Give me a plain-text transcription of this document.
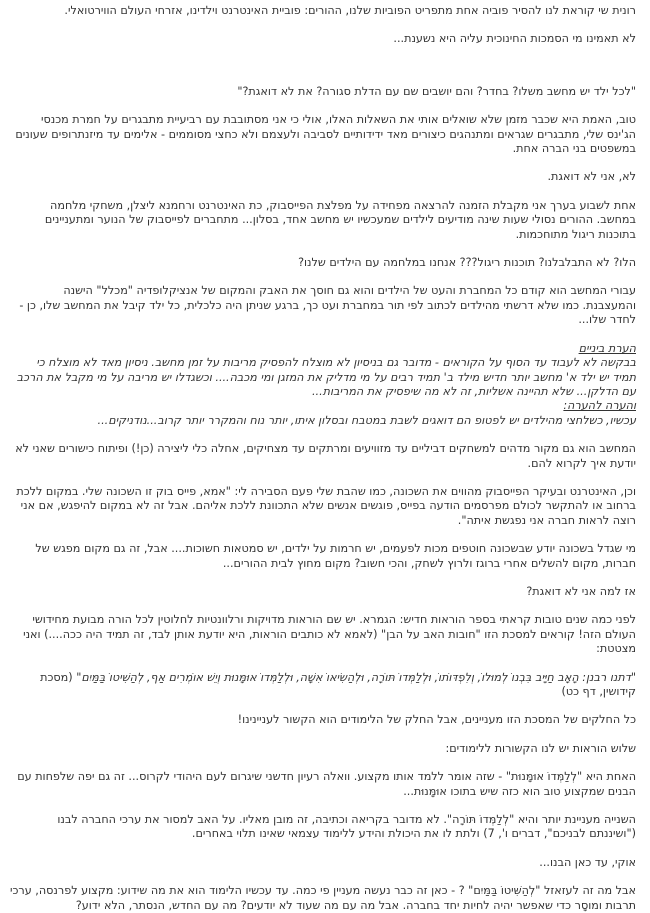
רונית שי קוראת לנו להסיר פוביה אחת מתפריט הפוביות שלנו, ההורים: פוביית האינטרנט וילדינו, אזרחי העולם הווירטואלי.

לא תאמינו מי הסמכות החינוכית עליה היא נשענת...

"לכל ילד יש מחשב משלו? בחדר? והם יושבים שם עם הדלת סגורה? את לא דואגת?"

טוב, האמת היא שכבר מזמן שלא שואלים אותי את השאלות האלו, אולי כי אני מסתובבת עם רביעיית מתבגרים על חמרת מכנסי הג'ינס שלי, מתבגרים שגראים ומתנהגים כיצורים מאד ידידותיים לסביבה ולעצמם ולא כחצי מסוממים - אלימים עד מיזנתרופים שעונים במשפטים בני הברה אחת.

לא, אני לא דואגת.

אחת לשבוע בערך אני מקבלת הזמנה להרצאה מפחידה על מפלצת הפייסבוק, כת האינטרנט ורחמנא ליצלן, משחקי מלחמה במחשב. ההורים נסולי שעות שינה מודיעים לילדים שמעכשיו יש מחשב אחד, בסלון... מתחברים לפייסבוק של הנוער ומתעניינים בתוכנות ריגול מתוחכמות.

הלו? לא התבלבלנו? תוכנות ריגול??? אנחנו במלחמה עם הילדים שלנו?

עבורי המחשב הוא קודם כל המחברת והעט של הילדים והוא גם חוסך את האבק והמקום של אנציקלופדיה "מכלל" הישנה והמעצבנת. כמו שלא דרשתי מהילדים לכתוב לפי תור במחברת ועט כך, ברגע שניתן היה כלכלית, כל ילד קיבל את המחשב שלו, כן - לחדר שלו...

הערת ביניים
בבקשה לא לעבוד עד הסוף על הקוראים - מדובר גם בניסיון לא מוצלח להפסיק מריבות על זמן מחשב. ניסיון מאד לא מוצלח כי תמיד יש ילד א' מחשב יותר חדיש מילד ב' תמיד רבים על מי מדליק את המזגן ומי מכבה.... וכשגדלו יש מריבה על מי מקבל את הרכב עם הדלקן... שלא תהיינה אשליות, זה לא מה שיפסיק את המריבות...
והערה להערה:
עכשיו, כשלחצי מהילדים יש לפטופ הם דואגים לשבת במטבח ובסלון איתו, יותר נוח והמקרר יותר קרוב...נודניקים...

המחשב הוא גם מקור מדהים למשחקים דביליים עד מזוויעים ומרתקים עד מצחיקים, אחלה כלי ליצירה (כן!) ופיתוח כישורים שאני לא יודעת איך לקרוא להם.

וכן, האינטרנט ובעיקר הפייסבוק מהווים את השכונה, כמו שהבת שלי פעם הסבירה לי: "אמא, פייס בוק זו השכונה שלי. במקום ללכת ברחוב או להתקשר לכולם מפרסמים הודעה בפייס, פוגשים אנשים שלא התכוונת ללכת אליהם. אבל זה לא במקום להיפגש, אם אני רוצה לראות חברה אני נפגשת איתה".

מי שגדל בשכונה יודע שבשכונה חוטפים מכות לפעמים, יש חרמות על ילדים, יש סמטאות חשוכות.... אבל, זה גם מקום מפגש של חברות, מקום להשלים אחרי ברוגז ולרוץ לשחק, והכי חשוב? מקום מחוץ לבית ההורים...

אז למה אני לא דואגת?

לפני כמה שנים טובות קראתי בספר הוראות חדיש: הגמרא. יש שם הוראות מדויקות ורלוונטיות לחלוטין לכל הורה מבועת מחידושי העולם הזה! קוראים למסכת הזו "חובות האב על הבן" (לאמא לא כותבים הוראות, היא יודעת אותן לבד, זה תמיד היה ככה....) ואני מצטטת:

"דתנו רבנן: הָאָב חַיָּיב בִּבְנוֹ לְמוּלוֹ, וְלִפְדּוֹתוֹ, וּלְלַמְּדוֹ תּוֹרָה, וּלְהַשִּׂיאוֹ אִשָּׁה, וּלְלַמְּדוֹ אוּמָּנוּת וְיֵשׁ אוֹמְרִים אַף, לְהַשִּׁיטוֹ בַּמַּיִם" (מסכת קידושין, דף כט)

כל החלקים של המסכת הזו מעניינים, אבל החלק של הלימודים הוא הקשור לעניינינו!

שלוש הוראות יש לנו הקשורות ללימודים:

האחת היא "לְלַמְּדוֹ אוּמָּנוּת" - שזה אומר ללמד אותו מקצוע. וואלה רעיון חדשני שיגרום לעם היהודי לקרוס... זה גם יפה שלפחות עם הבנים שמקצוע טוב הוא כזה שיש בתוכו אוּמָּנוּת...

השנייה מעניינת יותר והיא "לְלַמְּדוֹ תּוֹרָה". לא מדובר בקריאה וכתיבה, זה מובן מאליו. על האב למסור את ערכי החברה לבנו ("ושיננתם לבניכם", דברים ו', 7) ולתת לו את היכולת והידע ללימוד עצמאי שאינו תלוי באחרים.

אוקי, עד כאן הבנו...

אבל מה זה לעזאזל "לְהַשִּׁיטוֹ בַּמַּיִם" ? - כאן זה כבר נעשה מעניין פי כמה. עד עכשיו הלימוד הוא את מה שידוע: מקצוע לפרנסה, ערכי תרבות ומוסָר כדי שאפשר יהיה לחיות יחד בחברה. אבל מה עם מה שעוד לא יודעים? מה עם החדש, הנסתר, הלא ידוע?
